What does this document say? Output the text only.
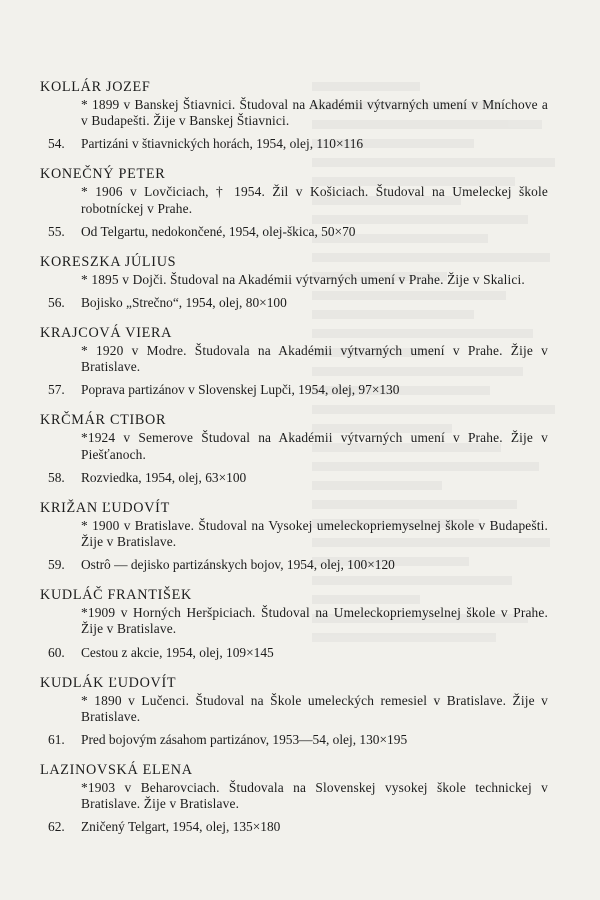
KOLLÁR JOZEF
* 1899 v Banskej Štiavnici. Študoval na Akadémii výtvarných umení v Mníchove a v Budapešti. Žije v Banskej Štiavnici.
54.	Partizáni v štiavnických horách, 1954, olej, 110×116
KONEČNÝ PETER
* 1906 v Lovčiciach, † 1954. Žil v Košiciach. Študoval na Umeleckej škole robotníckej v Prahe.
55.	Od Telgartu, nedokončené, 1954, olej-škica, 50×70
KORESZKA JÚLIUS
* 1895 v Dojči. Študoval na Akadémii výtvarných umení v Prahe. Žije v Skalici.
56.	Bojisko „Strečno“, 1954, olej, 80×100
KRAJCOVÁ VIERA
* 1920 v Modre. Študovala na Akadémii výtvarných umení v Prahe. Žije v Bratislave.
57.	Poprava partizánov v Slovenskej Lupči, 1954, olej, 97×130
KRČMÁR CTIBOR
*1924 v Semerove Študoval na Akadémii výtvarných umení v Prahe. Žije v Piešťanoch.
58.	Rozviedka, 1954, olej, 63×100
KRIŽAN ĽUDOVÍT
* 1900 v Bratislave. Študoval na Vysokej umeleckopriemyselnej škole v Budapešti. Žije v Bratislave.
59.	Ostrô — dejisko partizánskych bojov, 1954, olej, 100×120
KUDLÁČ FRANTIŠEK
*1909 v Horných Heršpiciach. Študoval na Umeleckopriemyselnej škole v Prahe. Žije v Bratislave.
60.	Cestou z akcie, 1954, olej, 109×145
KUDLÁK ĽUDOVÍT
* 1890 v Lučenci. Študoval na Škole umeleckých remesiel v Bratislave. Žije v Bratislave.
61.	Pred bojovým zásahom partizánov, 1953—54, olej, 130×195
LAZINOVSKÁ ELENA
*1903 v Beharovciach. Študovala na Slovenskej vysokej škole technickej v Bratislave. Žije v Bratislave.
62.	Zničený Telgart, 1954, olej, 135×180
